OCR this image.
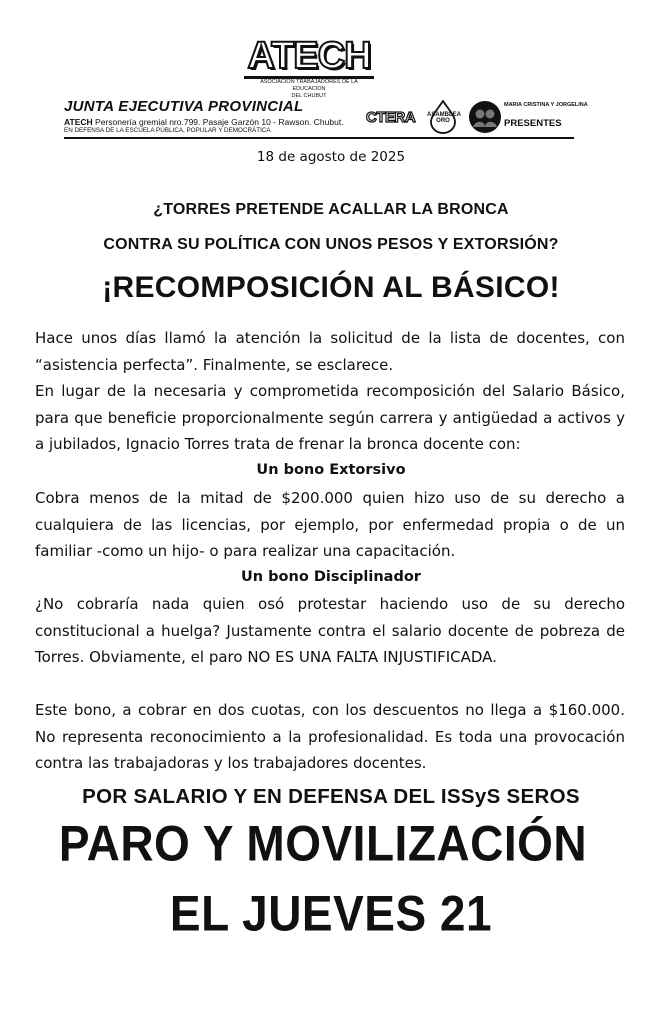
ATECH
ASOCIACION TRABAJADORES DE LA EDUCACION
DEL CHUBUT
JUNTA EJECUTIVA PROVINCIAL
ATECH Personería gremial nro.799. Pasaje Garzón 10 - Rawson. Chubut.
EN DEFENSA DE LA ESCUELA PÚBLICA, POPULAR Y DEMOCRÁTICA
CTERA ASAMBLEA ORO
MARIA CRISTINA Y JORGELINA
PRESENTES
18 de agosto de 2025
¿TORRES PRETENDE ACALLAR LA BRONCA
CONTRA SU POLÍTICA CON UNOS PESOS Y EXTORSIÓN?
¡RECOMPOSICIÓN AL BÁSICO!

Hace unos días llamó la atención la solicitud de la lista de docentes, con “asistencia perfecta”. Finalmente, se esclarece.

En lugar de la necesaria y comprometida recomposición del Salario Básico, para que beneficie proporcionalmente según carrera y antigüedad a activos y a jubilados, Ignacio Torres trata de frenar la bronca docente con:

Un bono Extorsivo

Cobra menos de la mitad de $200.000 quien hizo uso de su derecho a cualquiera de las licencias, por ejemplo, por enfermedad propia o de un familiar -como un hijo- o para realizar una capacitación.

Un bono Disciplinador

¿No cobraría nada quien osó protestar haciendo uso de su derecho constitucional a huelga? Justamente contra el salario docente de pobreza de Torres. Obviamente, el paro NO ES UNA FALTA INJUSTIFICADA.

Este bono, a cobrar en dos cuotas, con los descuentos no llega a $160.000. No representa reconocimiento a la profesionalidad. Es toda una provocación contra las trabajadoras y los trabajadores docentes.

POR SALARIO Y EN DEFENSA DEL ISSyS SEROS
PARO Y MOVILIZACIÓN
EL JUEVES 21
